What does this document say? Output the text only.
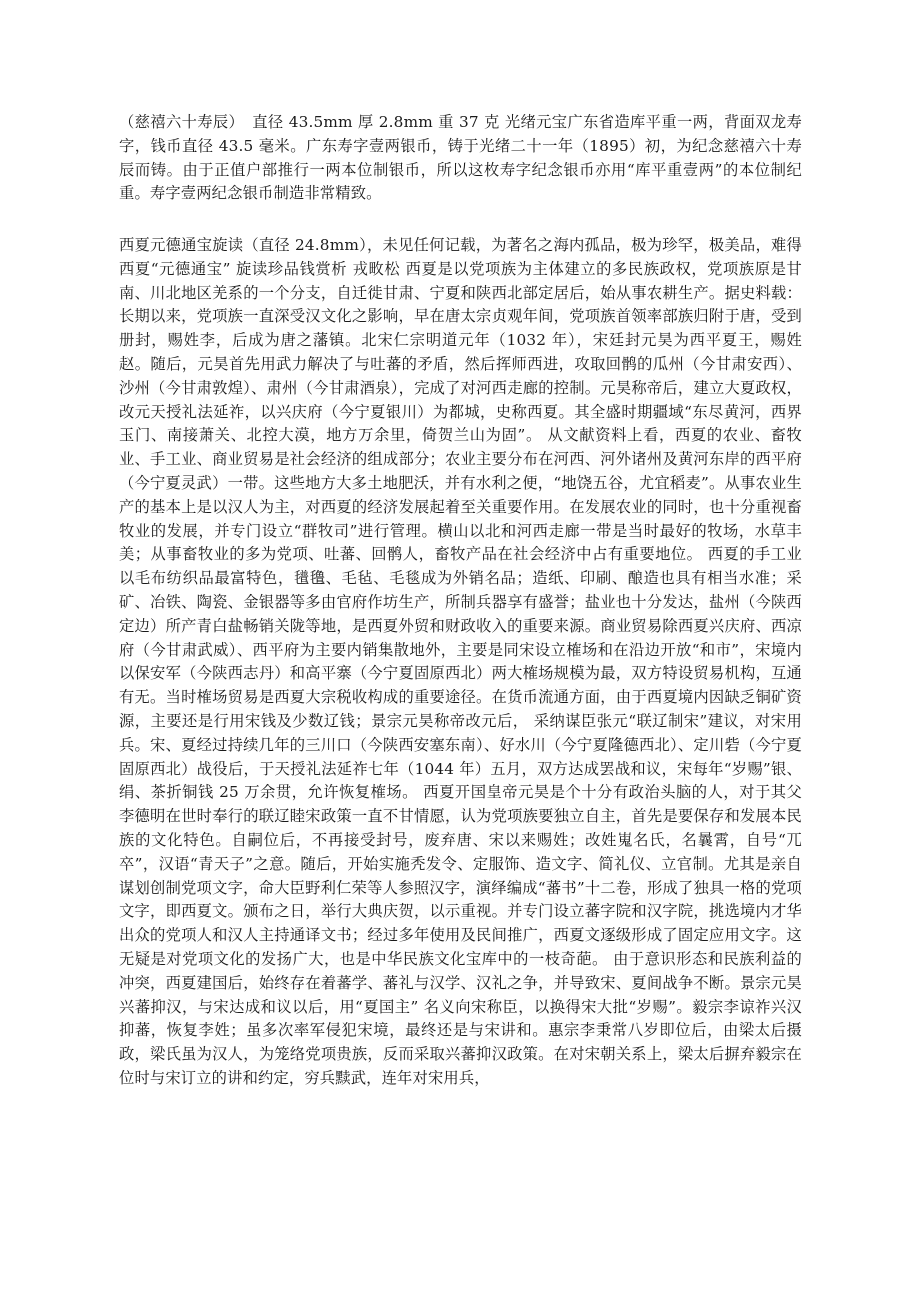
（慈禧六十寿辰）　直径 43.5mm 厚 2.8mm 重 37 克 光绪元宝广东省造库平重一两，背面双龙寿字，钱币直径 43.5 毫米。广东寿字壹两银币，铸于光绪二十一年（1895）初，为纪念慈禧六十寿辰而铸。由于正值户部推行一两本位制银币，所以这枚寿字纪念银币亦用“库平重壹两”的本位制纪重。寿字壹两纪念银币制造非常精致。

西夏元德通宝旋读（直径 24.8mm），未见任何记载，为著名之海内孤品，极为珍罕，极美品，难得 西夏“元德通宝” 旋读珍品钱赏析 戎畋松 西夏是以党项族为主体建立的多民族政权，党项族原是甘南、川北地区羌系的一个分支，自迁徙甘肃、宁夏和陕西北部定居后，始从事农耕生产。据史料载：长期以来，党项族一直深受汉文化之影响，早在唐太宗贞观年间，党项族首领率部族归附于唐，受到册封，赐姓李，后成为唐之藩镇。北宋仁宗明道元年（1032 年），宋廷封元昊为西平夏王，赐姓赵。随后，元昊首先用武力解决了与吐蕃的矛盾，然后挥师西进，攻取回鹘的瓜州（今甘肃安西）、沙州（今甘肃敦煌）、肃州（今甘肃酒泉），完成了对河西走廊的控制。元昊称帝后，建立大夏政权，改元天授礼法延祚，以兴庆府（今宁夏银川）为都城，史称西夏。其全盛时期疆域“东尽黄河，西界玉门、南接萧关、北控大漠，地方万余里，倚贺兰山为固”。 从文献资料上看，西夏的农业、畜牧业、手工业、商业贸易是社会经济的组成部分；农业主要分布在河西、河外诸州及黄河东岸的西平府（今宁夏灵武）一带。这些地方大多土地肥沃，并有水利之便，“地饶五谷，尤宜稻麦”。从事农业生产的基本上是以汉人为主，对西夏的经济发展起着至关重要作用。在发展农业的同时，也十分重视畜牧业的发展，并专门设立“群牧司”进行管理。横山以北和河西走廊一带是当时最好的牧场，水草丰美；从事畜牧业的多为党项、吐蕃、回鹘人，畜牧产品在社会经济中占有重要地位。 西夏的手工业以毛布纺织品最富特色，氆氇、毛毡、毛毯成为外销名品；造纸、印刷、酿造也具有相当水准；采矿、冶铁、陶瓷、金银器等多由官府作坊生产，所制兵器享有盛誉；盐业也十分发达，盐州（今陕西定边）所产青白盐畅销关陇等地，是西夏外贸和财政收入的重要来源。商业贸易除西夏兴庆府、西凉府（今甘肃武威）、西平府为主要内销集散地外，主要是同宋设立榷场和在沿边开放“和市”，宋境内以保安军（今陕西志丹）和高平寨（今宁夏固原西北）两大榷场规模为最，双方特设贸易机构，互通有无。当时榷场贸易是西夏大宗税收构成的重要途径。在货币流通方面，由于西夏境内因缺乏铜矿资源，主要还是行用宋钱及少数辽钱；景宗元昊称帝改元后， 采纳谋臣张元“联辽制宋”建议，对宋用兵。宋、夏经过持续几年的三川口（今陕西安塞东南）、好水川（今宁夏隆德西北）、定川砦（今宁夏固原西北）战役后，于天授礼法延祚七年（1044 年）五月，双方达成罢战和议，宋每年“岁赐”银、绢、茶折铜钱 25 万余贯，允许恢复榷场。 西夏开国皇帝元昊是个十分有政治头脑的人，对于其父李德明在世时奉行的联辽睦宋政策一直不甘情愿，认为党项族要独立自主，首先是要保存和发展本民族的文化特色。自嗣位后，不再接受封号，废弃唐、宋以来赐姓；改姓嵬名氏，名曩霄，自号“兀卒”，汉语“青天子”之意。随后，开始实施秃发令、定服饰、造文字、简礼仪、立官制。尤其是亲自谋划创制党项文字，命大臣野利仁荣等人参照汉字，演绎编成“蕃书”十二卷，形成了独具一格的党项文字，即西夏文。颁布之日，举行大典庆贺，以示重视。并专门设立蕃字院和汉字院，挑选境内才华出众的党项人和汉人主持通译文书；经过多年使用及民间推广，西夏文逐级形成了固定应用文字。这无疑是对党项文化的发扬广大，也是中华民族文化宝库中的一枝奇葩。 由于意识形态和民族利益的冲突，西夏建国后，始终存在着蕃学、蕃礼与汉学、汉礼之争，并导致宋、夏间战争不断。景宗元昊兴蕃抑汉，与宋达成和议以后，用“夏国主” 名义向宋称臣，以换得宋大批“岁赐”。毅宗李谅祚兴汉抑蕃，恢复李姓；虽多次率军侵犯宋境，最终还是与宋讲和。惠宗李秉常八岁即位后，由梁太后摄政，梁氏虽为汉人，为笼络党项贵族，反而采取兴蕃抑汉政策。在对宋朝关系上，梁太后摒弃毅宗在位时与宋订立的讲和约定，穷兵黩武，连年对宋用兵，
